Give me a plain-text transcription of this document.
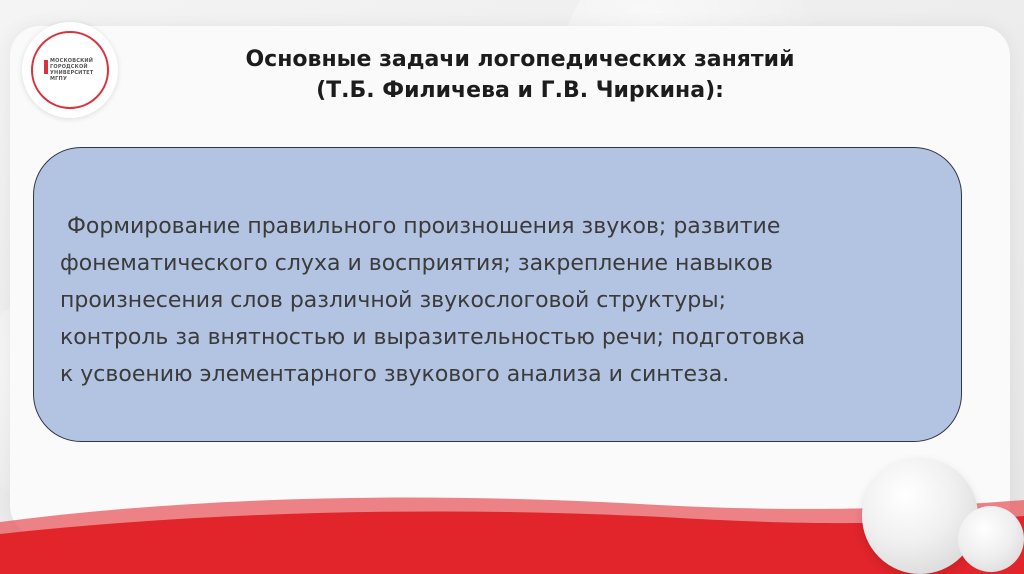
МОСКОВСКИЙ
ГОРОДСКОЙ
УНИВЕРСИТЕТ
МГПУ
Основные задачи логопедических занятий
(Т.Б. Филичева и Г.В. Чиркина):
Формирование правильного произношения звуков; развитие
фонематического слуха и восприятия; закрепление навыков
произнесения слов различной звукослоговой структуры;
контроль за внятностью и выразительностью речи; подготовка
к усвоению элементарного звукового анализа и синтеза.
